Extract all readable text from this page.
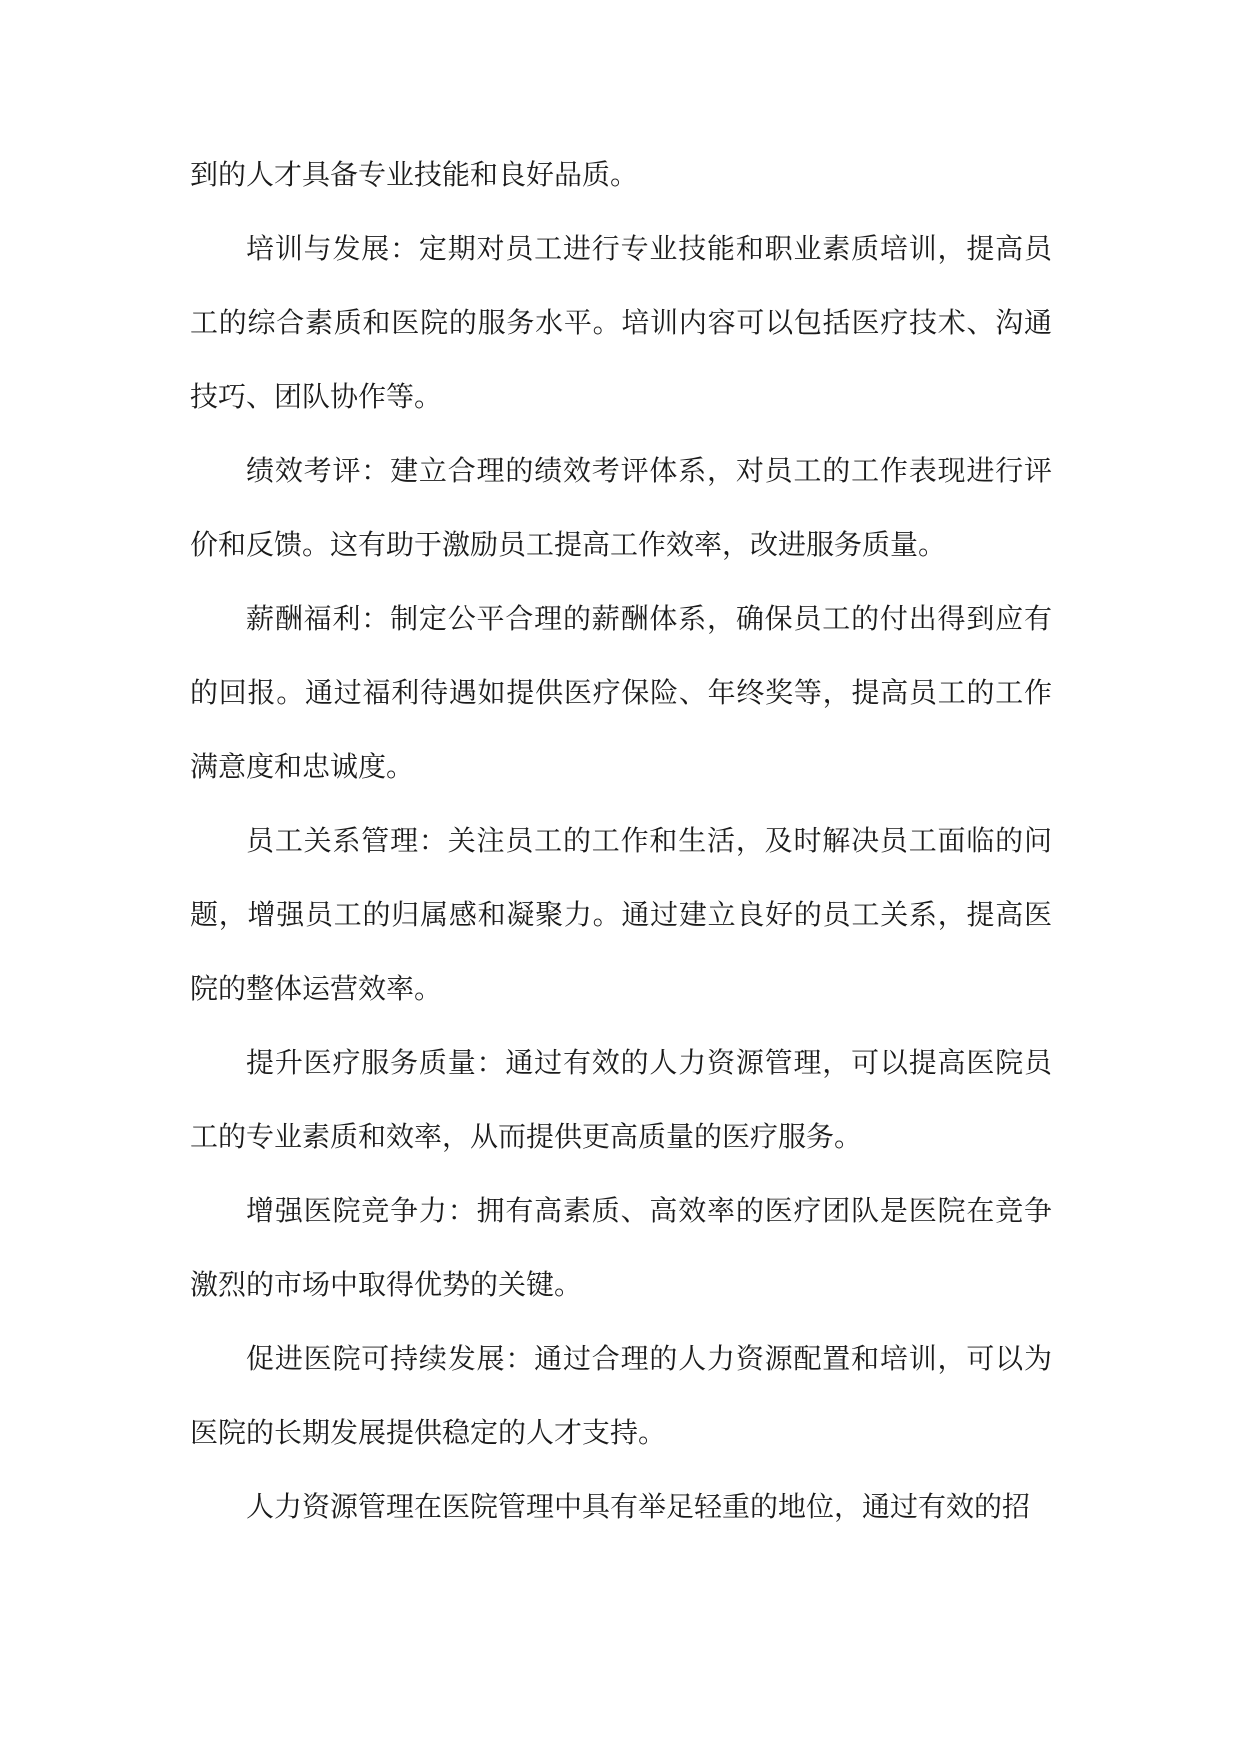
到的人才具备专业技能和良好品质。

培训与发展：定期对员工进行专业技能和职业素质培训，提高员工的综合素质和医院的服务水平。培训内容可以包括医疗技术、沟通技巧、团队协作等。

绩效考评：建立合理的绩效考评体系，对员工的工作表现进行评价和反馈。这有助于激励员工提高工作效率，改进服务质量。

薪酬福利：制定公平合理的薪酬体系，确保员工的付出得到应有的回报。通过福利待遇如提供医疗保险、年终奖等，提高员工的工作满意度和忠诚度。

员工关系管理：关注员工的工作和生活，及时解决员工面临的问题，增强员工的归属感和凝聚力。通过建立良好的员工关系，提高医院的整体运营效率。

提升医疗服务质量：通过有效的人力资源管理，可以提高医院员工的专业素质和效率，从而提供更高质量的医疗服务。

增强医院竞争力：拥有高素质、高效率的医疗团队是医院在竞争激烈的市场中取得优势的关键。

促进医院可持续发展：通过合理的人力资源配置和培训，可以为医院的长期发展提供稳定的人才支持。

人力资源管理在医院管理中具有举足轻重的地位，通过有效的招
